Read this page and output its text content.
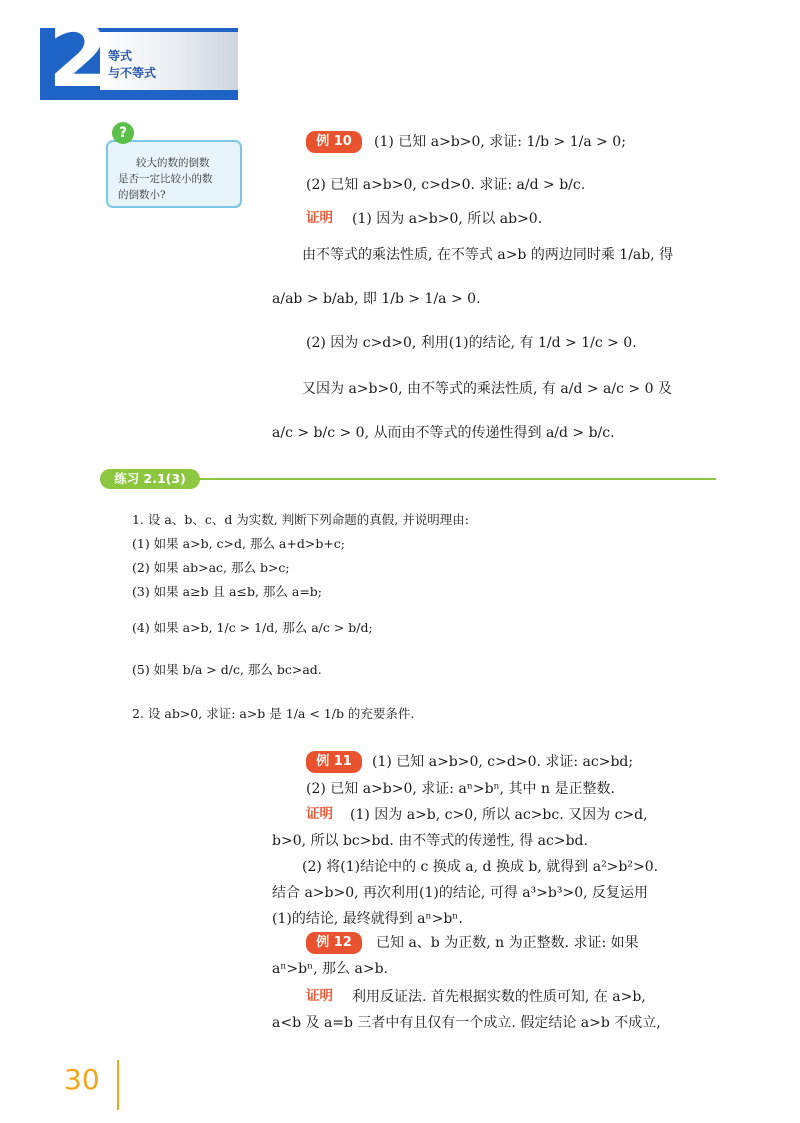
2 等式
与不等式
?
较大的数的倒数
是否一定比较小的数
的倒数小?
例 10	(1) 已知 a>b>0, 求证: 1/b > 1/a > 0;
(2) 已知 a>b>0, c>d>0. 求证: a/d > b/c.
证明 (1) 因为 a>b>0, 所以 ab>0.
由不等式的乘法性质, 在不等式 a>b 的两边同时乘 1/ab, 得
a/ab > b/ab, 即 1/b > 1/a > 0.
(2) 因为 c>d>0, 利用(1)的结论, 有 1/d > 1/c > 0.
又因为 a>b>0, 由不等式的乘法性质, 有 a/d > a/c > 0 及
a/c > b/c > 0, 从而由不等式的传递性得到 a/d > b/c.
练习 2.1(3)
1. 设 a、b、c、d 为实数, 判断下列命题的真假, 并说明理由:
(1) 如果 a>b, c>d, 那么 a+d>b+c;
(2) 如果 ab>ac, 那么 b>c;
(3) 如果 a≥b 且 a≤b, 那么 a=b;
(4) 如果 a>b, 1/c > 1/d, 那么 a/c > b/d;
(5) 如果 b/a > d/c, 那么 bc>ad.
2. 设 ab>0, 求证: a>b 是 1/a < 1/b 的充要条件.
例 11	(1) 已知 a>b>0, c>d>0. 求证: ac>bd;
(2) 已知 a>b>0, 求证: aⁿ>bⁿ, 其中 n 是正整数.
证明 (1) 因为 a>b, c>0, 所以 ac>bc. 又因为 c>d,
b>0, 所以 bc>bd. 由不等式的传递性, 得 ac>bd.
(2) 将(1)结论中的 c 换成 a, d 换成 b, 就得到 a²>b²>0.
结合 a>b>0, 再次利用(1)的结论, 可得 a³>b³>0, 反复运用
(1)的结论, 最终就得到 aⁿ>bⁿ.
例 12	已知 a、b 为正数, n 为正整数. 求证: 如果
aⁿ>bⁿ, 那么 a>b.
证明 利用反证法. 首先根据实数的性质可知, 在 a>b,
a<b 及 a=b 三者中有且仅有一个成立. 假定结论 a>b 不成立,
30
